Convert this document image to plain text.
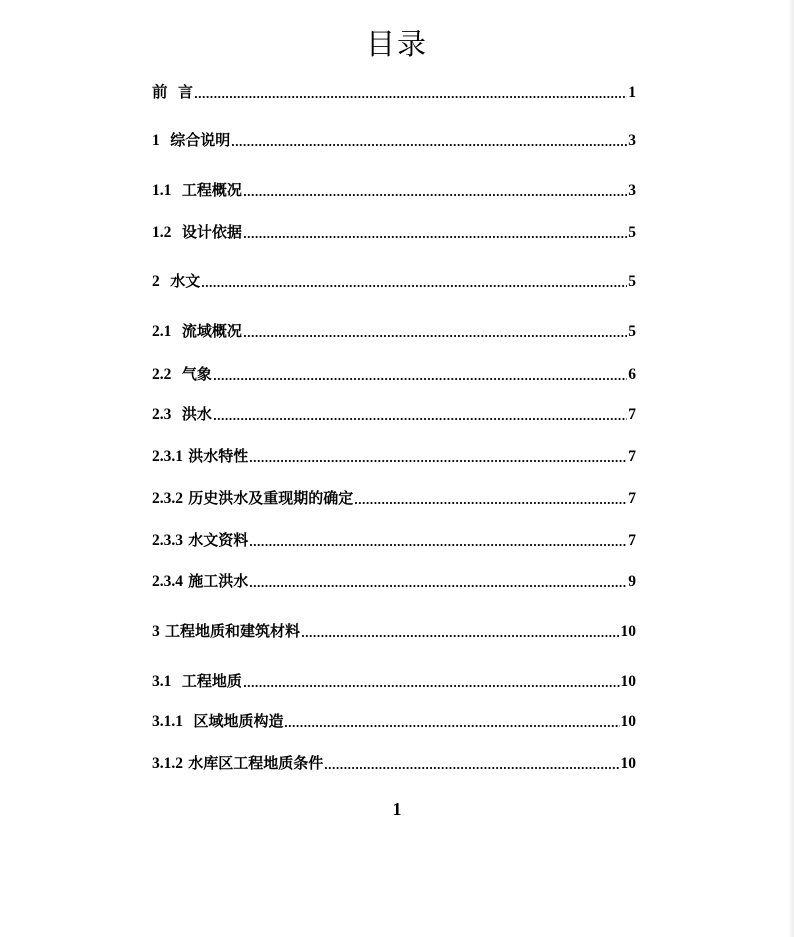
目录
前 言	1
1 综合说明	3
1.1 工程概况	3
1.2 设计依据	5
2 水文	5
2.1 流域概况	5
2.2 气象	6
2.3 洪水	7
2.3.1 洪水特性	7
2.3.2 历史洪水及重现期的确定	7
2.3.3 水文资料	7
2.3.4 施工洪水	9
3 工程地质和建筑材料	10
3.1 工程地质	10
3.1.1 区域地质构造	10
3.1.2 水库区工程地质条件	10
1
